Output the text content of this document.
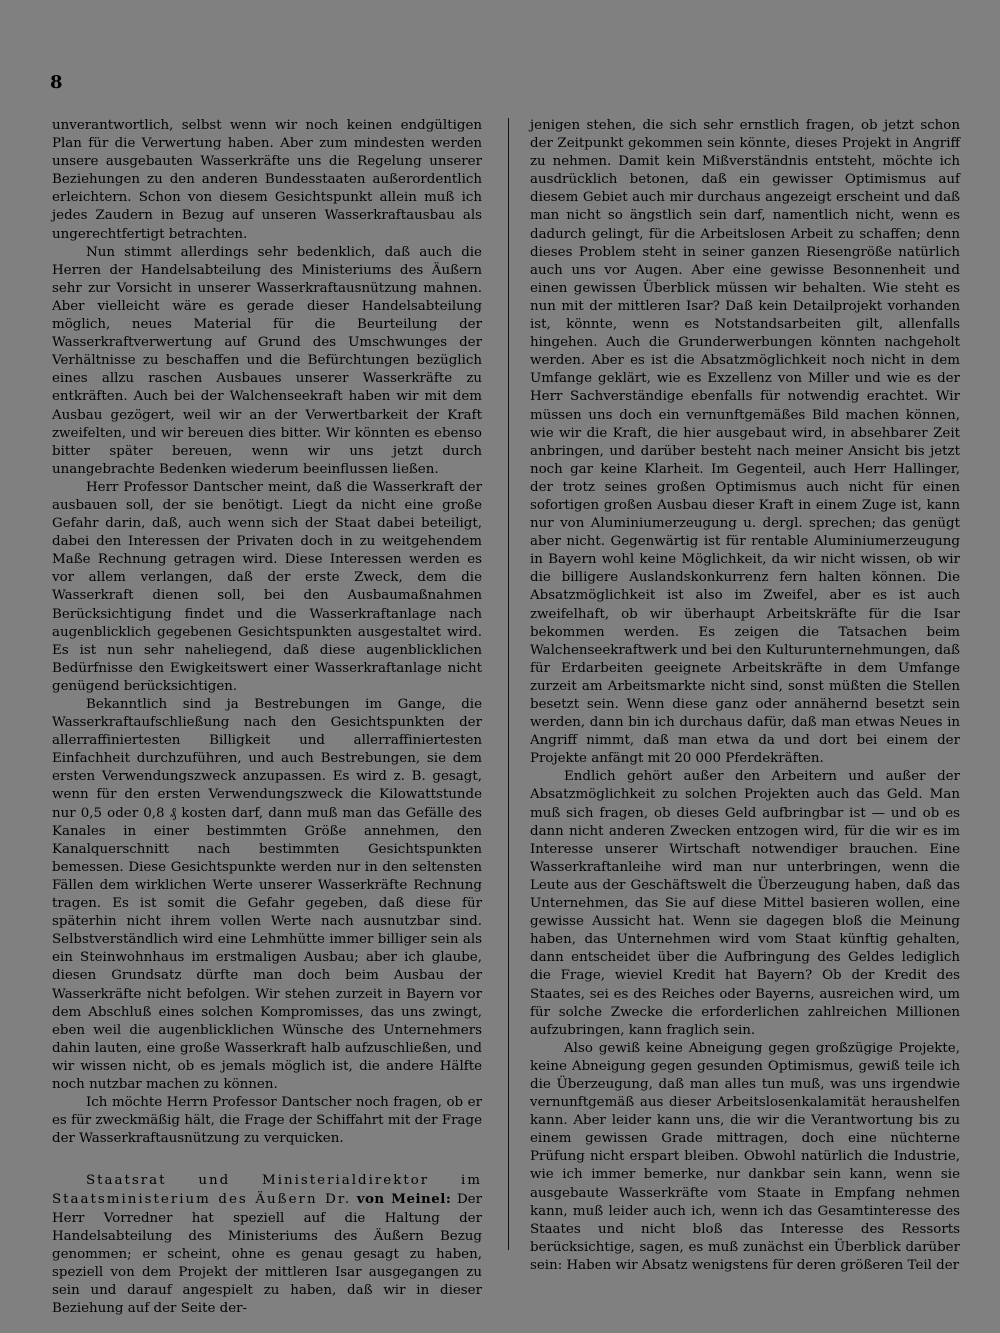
8

unverantwortlich, selbst wenn wir noch keinen endgültigen Plan für die Verwertung haben. Aber zum mindesten werden unsere ausgebauten Wasserkräfte uns die Regelung unserer Beziehungen zu den anderen Bundesstaaten außerordentlich erleichtern. Schon von diesem Gesichtspunkt allein muß ich jedes Zaudern in Bezug auf unseren Wasserkraftausbau als ungerechtfertigt betrachten.

Nun stimmt allerdings sehr bedenklich, daß auch die Herren der Handelsabteilung des Ministeriums des Äußern sehr zur Vorsicht in unserer Wasserkraftausnützung mahnen. Aber vielleicht wäre es gerade dieser Handelsabteilung möglich, neues Material für die Beurteilung der Wasserkraftverwertung auf Grund des Umschwunges der Verhältnisse zu beschaffen und die Befürchtungen bezüglich eines allzu raschen Ausbaues unserer Wasserkräfte zu entkräften. Auch bei der Walchenseekraft haben wir mit dem Ausbau gezögert, weil wir an der Verwertbarkeit der Kraft zweifelten, und wir bereuen dies bitter. Wir könnten es ebenso bitter später bereuen, wenn wir uns jetzt durch unangebrachte Bedenken wiederum beeinflussen ließen.

Herr Professor Dantscher meint, daß die Wasserkraft der ausbauen soll, der sie benötigt. Liegt da nicht eine große Gefahr darin, daß, auch wenn sich der Staat dabei beteiligt, dabei den Interessen der Privaten doch in zu weitgehendem Maße Rechnung getragen wird. Diese Interessen werden es vor allem verlangen, daß der erste Zweck, dem die Wasserkraft dienen soll, bei den Ausbaumaßnahmen Berücksichtigung findet und die Wasserkraftanlage nach augenblicklich gegebenen Gesichtspunkten ausgestaltet wird. Es ist nun sehr naheliegend, daß diese augenblicklichen Bedürfnisse den Ewigkeitswert einer Wasserkraftanlage nicht genügend berücksichtigen.

Bekanntlich sind ja Bestrebungen im Gange, die Wasserkraftaufschließung nach den Gesichtspunkten der allerraffiniertesten Billigkeit und allerraffiniertesten Einfachheit durchzuführen, und auch Bestrebungen, sie dem ersten Verwendungszweck anzupassen. Es wird z. B. gesagt, wenn für den ersten Verwendungszweck die Kilowattstunde nur 0,5 oder 0,8 ₰ kosten darf, dann muß man das Gefälle des Kanales in einer bestimmten Größe annehmen, den Kanalquerschnitt nach bestimmten Gesichtspunkten bemessen. Diese Gesichtspunkte werden nur in den seltensten Fällen dem wirklichen Werte unserer Wasserkräfte Rechnung tragen. Es ist somit die Gefahr gegeben, daß diese für späterhin nicht ihrem vollen Werte nach ausnutzbar sind. Selbstverständlich wird eine Lehmhütte immer billiger sein als ein Steinwohnhaus im erstmaligen Ausbau; aber ich glaube, diesen Grundsatz dürfte man doch beim Ausbau der Wasserkräfte nicht befolgen. Wir stehen zurzeit in Bayern vor dem Abschluß eines solchen Kompromisses, das uns zwingt, eben weil die augenblicklichen Wünsche des Unternehmers dahin lauten, eine große Wasserkraft halb aufzuschließen, und wir wissen nicht, ob es jemals möglich ist, die andere Hälfte noch nutzbar machen zu können.

Ich möchte Herrn Professor Dantscher noch fragen, ob er es für zweckmäßig hält, die Frage der Schiffahrt mit der Frage der Wasserkraftausnützung zu verquicken.

Staatsrat und Ministerialdirektor im Staatsministerium des Äußern Dr. von Meinel: Der Herr Vorredner hat speziell auf die Haltung der Handelsabteilung des Ministeriums des Äußern Bezug genommen; er scheint, ohne es genau gesagt zu haben, speziell von dem Projekt der mittleren Isar ausgegangen zu sein und darauf angespielt zu haben, daß wir in dieser Beziehung auf der Seite der-

jenigen stehen, die sich sehr ernstlich fragen, ob jetzt schon der Zeitpunkt gekommen sein könnte, dieses Projekt in Angriff zu nehmen. Damit kein Mißverständnis entsteht, möchte ich ausdrücklich betonen, daß ein gewisser Optimismus auf diesem Gebiet auch mir durchaus angezeigt erscheint und daß man nicht so ängstlich sein darf, namentlich nicht, wenn es dadurch gelingt, für die Arbeitslosen Arbeit zu schaffen; denn dieses Problem steht in seiner ganzen Riesengröße natürlich auch uns vor Augen. Aber eine gewisse Besonnenheit und einen gewissen Überblick müssen wir behalten. Wie steht es nun mit der mittleren Isar? Daß kein Detailprojekt vorhanden ist, könnte, wenn es Notstandsarbeiten gilt, allenfalls hingehen. Auch die Grunderwerbungen könnten nachgeholt werden. Aber es ist die Absatzmöglichkeit noch nicht in dem Umfange geklärt, wie es Exzellenz von Miller und wie es der Herr Sachverständige ebenfalls für notwendig erachtet. Wir müssen uns doch ein vernunftgemäßes Bild machen können, wie wir die Kraft, die hier ausgebaut wird, in absehbarer Zeit anbringen, und darüber besteht nach meiner Ansicht bis jetzt noch gar keine Klarheit. Im Gegenteil, auch Herr Hallinger, der trotz seines großen Optimismus auch nicht für einen sofortigen großen Ausbau dieser Kraft in einem Zuge ist, kann nur von Aluminiumerzeugung u. dergl. sprechen; das genügt aber nicht. Gegenwärtig ist für rentable Aluminiumerzeugung in Bayern wohl keine Möglichkeit, da wir nicht wissen, ob wir die billigere Auslandskonkurrenz fern halten können. Die Absatzmöglichkeit ist also im Zweifel, aber es ist auch zweifelhaft, ob wir überhaupt Arbeitskräfte für die Isar bekommen werden. Es zeigen die Tatsachen beim Walchenseekraftwerk und bei den Kulturunternehmungen, daß für Erdarbeiten geeignete Arbeitskräfte in dem Umfange zurzeit am Arbeitsmarkte nicht sind, sonst müßten die Stellen besetzt sein. Wenn diese ganz oder annähernd besetzt sein werden, dann bin ich durchaus dafür, daß man etwas Neues in Angriff nimmt, daß man etwa da und dort bei einem der Projekte anfängt mit 20 000 Pferdekräften.

Endlich gehört außer den Arbeitern und außer der Absatzmöglichkeit zu solchen Projekten auch das Geld. Man muß sich fragen, ob dieses Geld aufbringbar ist — und ob es dann nicht anderen Zwecken entzogen wird, für die wir es im Interesse unserer Wirtschaft notwendiger brauchen. Eine Wasserkraftanleihe wird man nur unterbringen, wenn die Leute aus der Geschäftswelt die Überzeugung haben, daß das Unternehmen, das Sie auf diese Mittel basieren wollen, eine gewisse Aussicht hat. Wenn sie dagegen bloß die Meinung haben, das Unternehmen wird vom Staat künftig gehalten, dann entscheidet über die Aufbringung des Geldes lediglich die Frage, wieviel Kredit hat Bayern? Ob der Kredit des Staates, sei es des Reiches oder Bayerns, ausreichen wird, um für solche Zwecke die erforderlichen zahlreichen Millionen aufzubringen, kann fraglich sein.

Also gewiß keine Abneigung gegen großzügige Projekte, keine Abneigung gegen gesunden Optimismus, gewiß teile ich die Überzeugung, daß man alles tun muß, was uns irgendwie vernunftgemäß aus dieser Arbeitslosenkalamität heraushelfen kann. Aber leider kann uns, die wir die Verantwortung bis zu einem gewissen Grade mittragen, doch eine nüchterne Prüfung nicht erspart bleiben. Obwohl natürlich die Industrie, wie ich immer bemerke, nur dankbar sein kann, wenn sie ausgebaute Wasserkräfte vom Staate in Empfang nehmen kann, muß leider auch ich, wenn ich das Gesamtinteresse des Staates und nicht bloß das Interesse des Ressorts berücksichtige, sagen, es muß zunächst ein Überblick darüber sein: Haben wir Absatz wenigstens für deren größeren Teil der
